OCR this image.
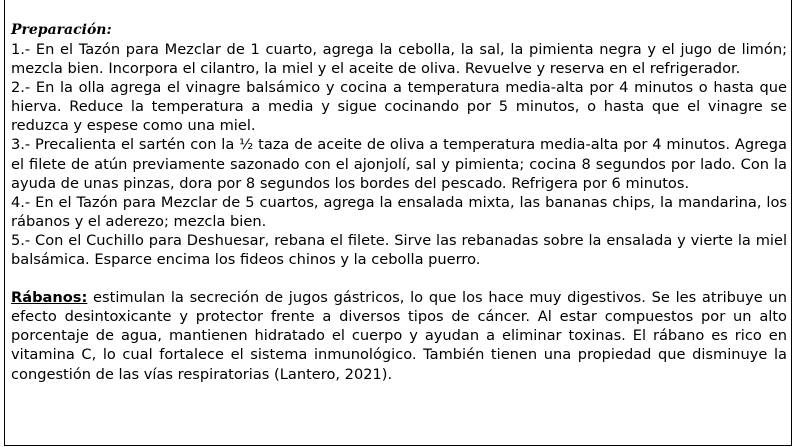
Preparación:

1.- En el Tazón para Mezclar de 1 cuarto, agrega la cebolla, la sal, la pimienta negra y el jugo de limón; mezcla bien. Incorpora el cilantro, la miel y el aceite de oliva. Revuelve y reserva en el refrigerador.

2.- En la olla agrega el vinagre balsámico y cocina a temperatura media-alta por 4 minutos o hasta que hierva. Reduce la temperatura a media y sigue cocinando por 5 minutos, o hasta que el vinagre se reduzca y espese como una miel.

3.- Precalienta el sartén con la ½ taza de aceite de oliva a temperatura media-alta por 4 minutos. Agrega el filete de atún previamente sazonado con el ajonjolí, sal y pimienta; cocina 8 segundos por lado. Con la ayuda de unas pinzas, dora por 8 segundos los bordes del pescado. Refrigera por 6 minutos.

4.- En el Tazón para Mezclar de 5 cuartos, agrega la ensalada mixta, las bananas chips, la mandarina, los rábanos y el aderezo; mezcla bien.

5.- Con el Cuchillo para Deshuesar, rebana el filete. Sirve las rebanadas sobre la ensalada y vierte la miel balsámica. Esparce encima los fideos chinos y la cebolla puerro.

Rábanos: estimulan la secreción de jugos gástricos, lo que los hace muy digestivos. Se les atribuye un efecto desintoxicante y protector frente a diversos tipos de cáncer. Al estar compuestos por un alto porcentaje de agua, mantienen hidratado el cuerpo y ayudan a eliminar toxinas. El rábano es rico en vitamina C, lo cual fortalece el sistema inmunológico. También tienen una propiedad que disminuye la congestión de las vías respiratorias (Lantero, 2021).
